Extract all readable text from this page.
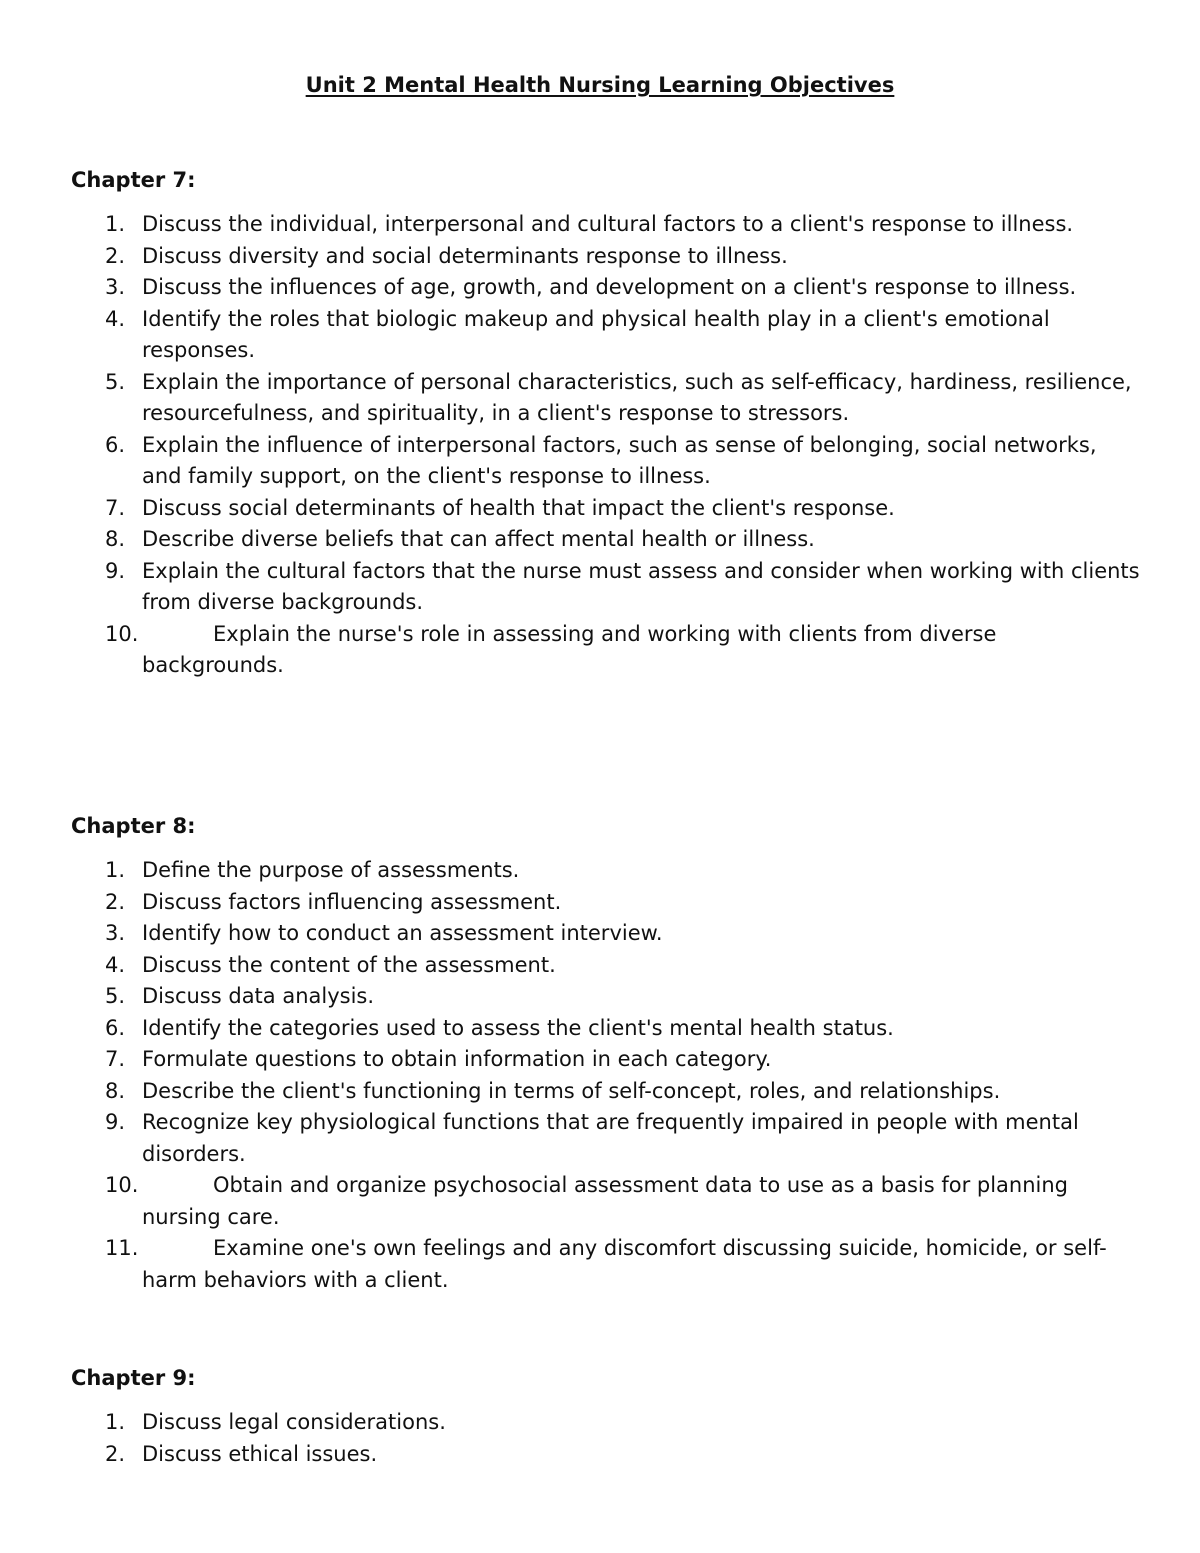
Unit 2 Mental Health Nursing Learning Objectives
Chapter 7:
1. Discuss the individual, interpersonal and cultural factors to a client's response to illness.
2. Discuss diversity and social determinants response to illness.
3. Discuss the influences of age, growth, and development on a client's response to illness.
4. Identify the roles that biologic makeup and physical health play in a client's emotional responses.
5. Explain the importance of personal characteristics, such as self-efficacy, hardiness, resilience, resourcefulness, and spirituality, in a client's response to stressors.
6. Explain the influence of interpersonal factors, such as sense of belonging, social networks, and family support, on the client's response to illness.
7. Discuss social determinants of health that impact the client's response.
8. Describe diverse beliefs that can affect mental health or illness.
9. Explain the cultural factors that the nurse must assess and consider when working with clients from diverse backgrounds.
10.	Explain the nurse's role in assessing and working with clients from diverse backgrounds.
Chapter 8:
1. Define the purpose of assessments.
2. Discuss factors influencing assessment.
3. Identify how to conduct an assessment interview.
4. Discuss the content of the assessment.
5. Discuss data analysis.
6. Identify the categories used to assess the client's mental health status.
7. Formulate questions to obtain information in each category.
8. Describe the client's functioning in terms of self-concept, roles, and relationships.
9. Recognize key physiological functions that are frequently impaired in people with mental disorders.
10.	Obtain and organize psychosocial assessment data to use as a basis for planning nursing care.
11.	Examine one's own feelings and any discomfort discussing suicide, homicide, or self-harm behaviors with a client.
Chapter 9:
1. Discuss legal considerations.
2. Discuss ethical issues.
